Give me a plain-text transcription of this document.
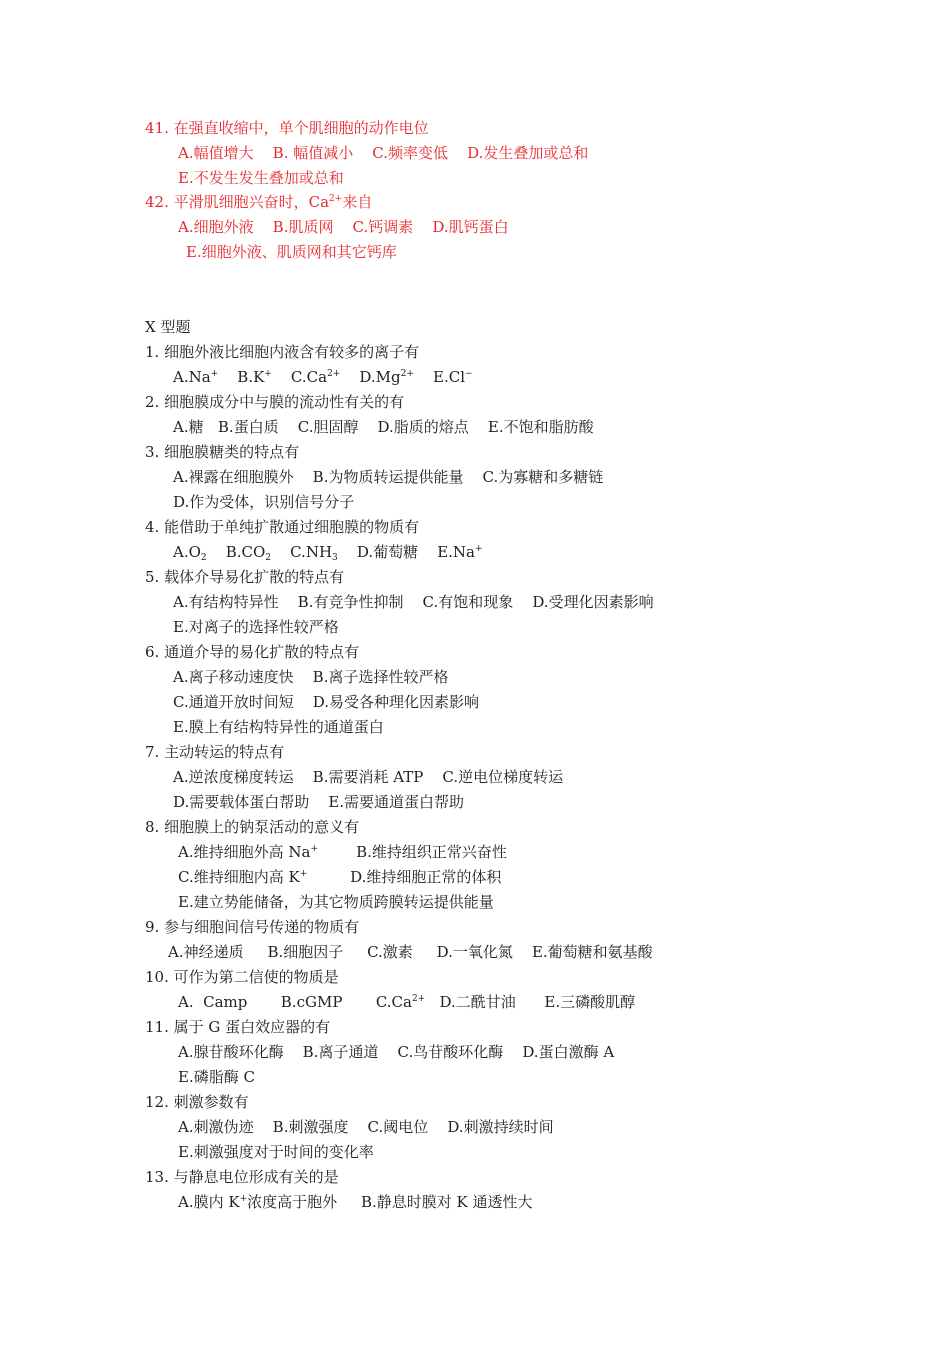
41. 在强直收缩中，单个肌细胞的动作电位
A.幅值增大    B. 幅值减小    C.频率变低    D.发生叠加或总和
E.不发生发生叠加或总和
42. 平滑肌细胞兴奋时，$Ca^{2+}$来自
A.细胞外液    B.肌质网    C.钙调素    D.肌钙蛋白
E.细胞外液、肌质网和其它钙库
X 型题
1. 细胞外液比细胞内液含有较多的离子有
A.Na+ B.K+ $C.Ca^{2+}$ $D.Mg^{2+}$ E.Cl−
2. 细胞膜成分中与膜的流动性有关的有
A.糖   B.蛋白质    C.胆固醇    D.脂质的熔点    E.不饱和脂肪酸
3. 细胞膜糖类的特点有
A.裸露在细胞膜外    B.为物质转运提供能量    C.为寡糖和多糖链
D.作为受体，识别信号分子
4. 能借助于单纯扩散通过细胞膜的物质有
$A.O_2$ $B.CO_2$ $C.NH_3$ D.葡萄糖 E.Na+
5. 载体介导易化扩散的特点有
A.有结构特异性    B.有竞争性抑制    C.有饱和现象    D.受理化因素影响
E.对离子的选择性较严格
6. 通道介导的易化扩散的特点有
A.离子移动速度快    B.离子选择性较严格
C.通道开放时间短    D.易受各种理化因素影响
E.膜上有结构特异性的通道蛋白
7. 主动转运的特点有
A.逆浓度梯度转运    B.需要消耗 ATP    C.逆电位梯度转运
D.需要载体蛋白帮助    E.需要通道蛋白帮助
8. 细胞膜上的钠泵活动的意义有
A.维持细胞外高 Na+	B.维持组织正常兴奋性
C.维持细胞内高 K+	D.维持细胞正常的体积
E.建立势能储备，为其它物质跨膜转运提供能量
9. 参与细胞间信号传递的物质有
A.神经递质     B.细胞因子     C.激素     D.一氧化氮    E.葡萄糖和氨基酸
10. 可作为第二信使的物质是
A.  Camp B.cGMP $C.Ca^{2+}$ D.二酰甘油 E.三磷酸肌醇
11. 属于 G 蛋白效应器的有
A.腺苷酸环化酶    B.离子通道    C.鸟苷酸环化酶    D.蛋白激酶 A
E.磷脂酶 C
12. 刺激参数有
A.刺激伪迹    B.刺激强度    C.阈电位    D.刺激持续时间
E.刺激强度对于时间的变化率
13. 与静息电位形成有关的是
A.膜内 K+浓度高于胞外 B.静息时膜对 K 通透性大
